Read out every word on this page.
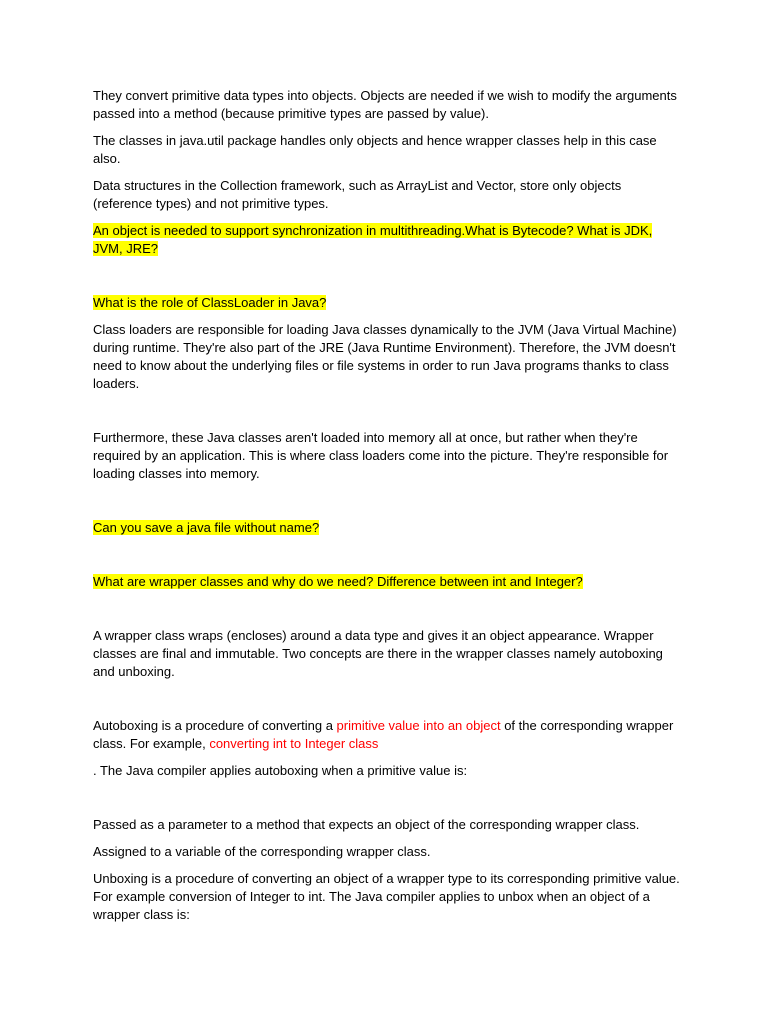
They convert primitive data types into objects. Objects are needed if we wish to modify the arguments passed into a method (because primitive types are passed by value).

The classes in java.util package handles only objects and hence wrapper classes help in this case also.

Data structures in the Collection framework, such as ArrayList and Vector, store only objects (reference types) and not primitive types.

An object is needed to support synchronization in multithreading.What is Bytecode? What is JDK, JVM, JRE?

What is the role of ClassLoader in Java?

Class loaders are responsible for loading Java classes dynamically to the JVM (Java Virtual Machine) during runtime. They're also part of the JRE (Java Runtime Environment). Therefore, the JVM doesn't need to know about the underlying files or file systems in order to run Java programs thanks to class loaders.

Furthermore, these Java classes aren't loaded into memory all at once, but rather when they're required by an application. This is where class loaders come into the picture. They're responsible for loading classes into memory.

Can you save a java file without name?

What are wrapper classes and why do we need? Difference between int and Integer?

A wrapper class wraps (encloses) around a data type and gives it an object appearance. Wrapper classes are final and immutable. Two concepts are there in the wrapper classes namely autoboxing and unboxing.

Autoboxing is a procedure of converting a primitive value into an object of the corresponding wrapper class. For example, converting int to Integer class

. The Java compiler applies autoboxing when a primitive value is:

Passed as a parameter to a method that expects an object of the corresponding wrapper class.

Assigned to a variable of the corresponding wrapper class.

Unboxing is a procedure of converting an object of a wrapper type to its corresponding primitive value. For example conversion of Integer to int. The Java compiler applies to unbox when an object of a wrapper class is:
